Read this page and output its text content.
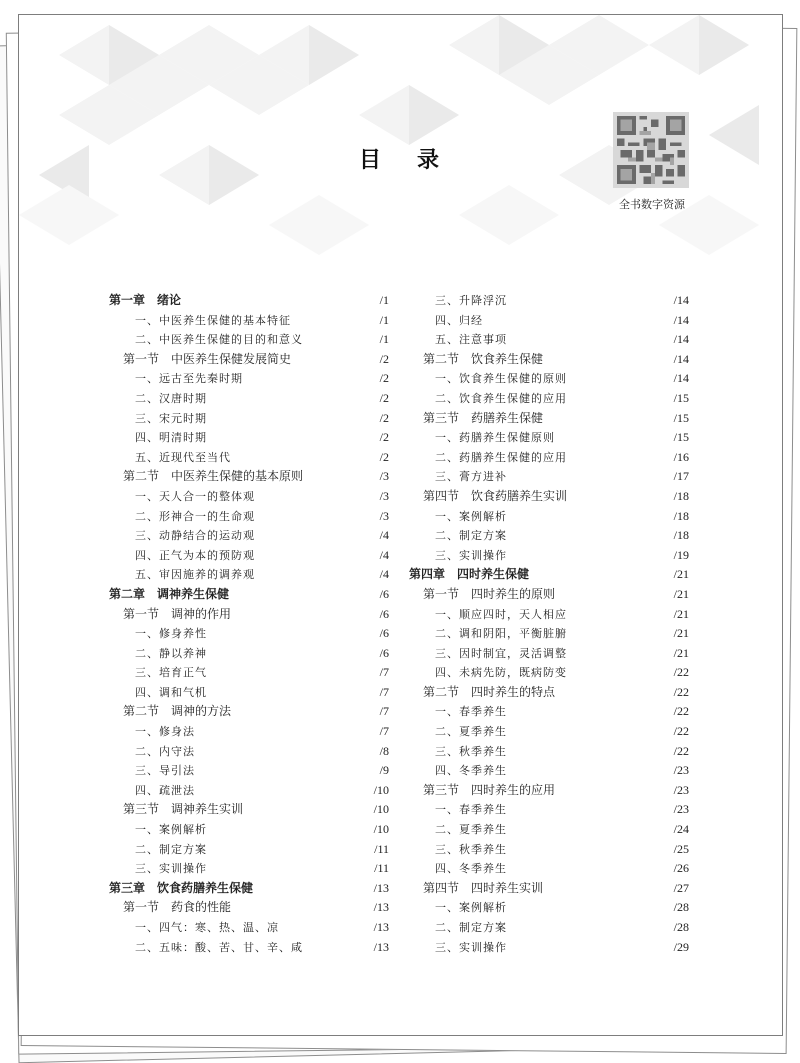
目录
全书数字资源
第一章　绪论	/1
一、中医养生保健的基本特征	/1
二、中医养生保健的目的和意义	/1
第一节　中医养生保健发展简史	/2
一、远古至先秦时期	/2
二、汉唐时期	/2
三、宋元时期	/2
四、明清时期	/2
五、近现代至当代	/2
第二节　中医养生保健的基本原则	/3
一、天人合一的整体观	/3
二、形神合一的生命观	/3
三、动静结合的运动观	/4
四、正气为本的预防观	/4
五、审因施养的调养观	/4
第二章　调神养生保健	/6
第一节　调神的作用	/6
一、修身养性	/6
二、静以养神	/6
三、培育正气	/7
四、调和气机	/7
第二节　调神的方法	/7
一、修身法	/7
二、内守法	/8
三、导引法	/9
四、疏泄法	/10
第三节　调神养生实训	/10
一、案例解析	/10
二、制定方案	/11
三、实训操作	/11
第三章　饮食药膳养生保健	/13
第一节　药食的性能	/13
一、四气：寒、热、温、凉	/13
二、五味：酸、苦、甘、辛、咸	/13
三、升降浮沉	/14
四、归经	/14
五、注意事项	/14
第二节　饮食养生保健	/14
一、饮食养生保健的原则	/14
二、饮食养生保健的应用	/15
第三节　药膳养生保健	/15
一、药膳养生保健原则	/15
二、药膳养生保健的应用	/16
三、膏方进补	/17
第四节　饮食药膳养生实训	/18
一、案例解析	/18
二、制定方案	/18
三、实训操作	/19
第四章　四时养生保健	/21
第一节　四时养生的原则	/21
一、顺应四时，天人相应	/21
二、调和阴阳，平衡脏腑	/21
三、因时制宜，灵活调整	/21
四、未病先防，既病防变	/22
第二节　四时养生的特点	/22
一、春季养生	/22
二、夏季养生	/22
三、秋季养生	/22
四、冬季养生	/23
第三节　四时养生的应用	/23
一、春季养生	/23
二、夏季养生	/24
三、秋季养生	/25
四、冬季养生	/26
第四节　四时养生实训	/27
一、案例解析	/28
二、制定方案	/28
三、实训操作	/29
